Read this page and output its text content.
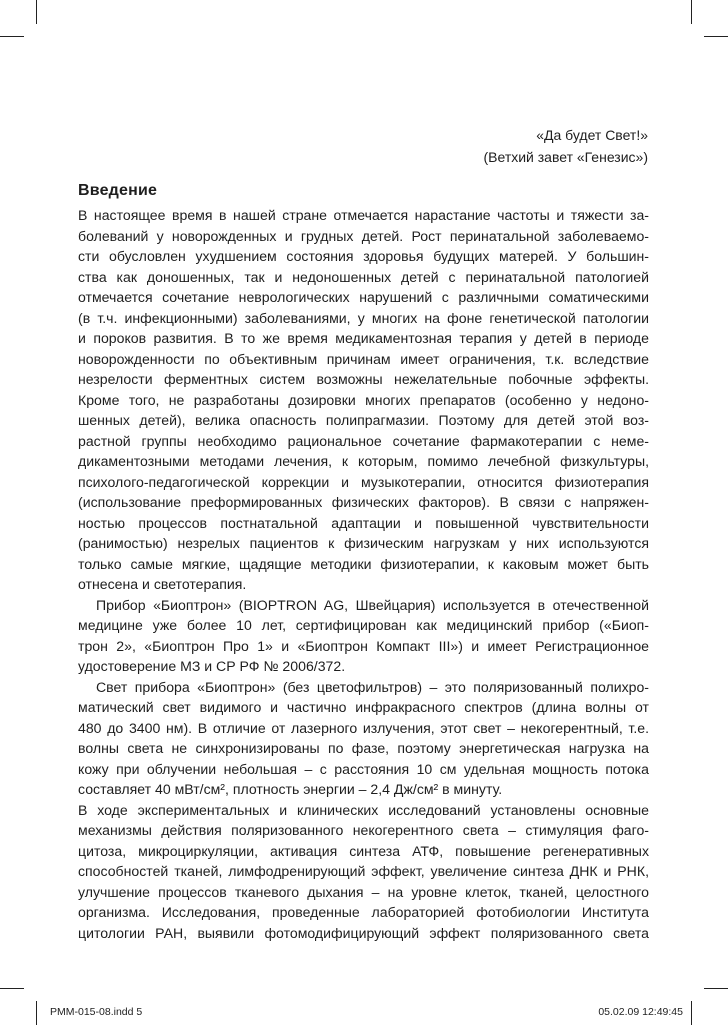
«Да будет Свет!»
(Ветхий завет «Генезис»)
Введение

В настоящее время в нашей стране отмечается нарастание частоты и тяжести за-
болеваний у новорожденных и грудных детей. Рост перинатальной заболеваемо-
сти обусловлен ухудшением состояния здоровья будущих матерей. У большин-
ства как доношенных, так и недоношенных детей с перинатальной патологией
отмечается сочетание неврологических нарушений с различными соматическими
(в т.ч. инфекционными) заболеваниями, у многих на фоне генетической патологии
и пороков развития. В то же время медикаментозная терапия у детей в периоде
новорожденности по объективным причинам имеет ограничения, т.к. вследствие
незрелости ферментных систем возможны нежелательные побочные эффекты.
Кроме того, не разработаны дозировки многих препаратов (особенно у недоно-
шенных детей), велика опасность полипрагмазии. Поэтому для детей этой воз-
растной группы необходимо рациональное сочетание фармакотерапии с неме-
дикаментозными методами лечения, к которым, помимо лечебной физкультуры,
психолого-педагогической коррекции и музыкотерапии, относится физиотерапия
(использование преформированных физических факторов). В связи с напряжен-
ностью процессов постнатальной адаптации и повышенной чувствительности
(ранимостью) незрелых пациентов к физическим нагрузкам у них используются
только самые мягкие, щадящие методики физиотерапии, к каковым может быть
отнесена и светотерапия.

Прибор «Биоптрон» (BIOPTRON AG, Швейцария) используется в отечественной
медицине уже более 10 лет, сертифицирован как медицинский прибор («Биоп-
трон 2», «Биоптрон Про 1» и «Биоптрон Компакт III») и имеет Регистрационное
удостоверение МЗ и СР РФ № 2006/372.

Свет прибора «Биоптрон» (без цветофильтров) – это поляризованный полихро-
матический свет видимого и частично инфракрасного спектров (длина волны от
480 до 3400 нм). В отличие от лазерного излучения, этот свет – некогерентный, т.е.
волны света не синхронизированы по фазе, поэтому энергетическая нагрузка на
кожу при облучении небольшая – с расстояния 10 см удельная мощность потока
составляет 40 мВт/см², плотность энергии – 2,4 Дж/см² в минуту.

В ходе экспериментальных и клинических исследований установлены основные
механизмы действия поляризованного некогерентного света – стимуляция фаго-
цитоза, микроциркуляции, активация синтеза АТФ, повышение регенеративных
способностей тканей, лимфодренирующий эффект, увеличение синтеза ДНК и РНК,
улучшение процессов тканевого дыхания – на уровне клеток, тканей, целостного
организма. Исследования, проведенные лабораторией фотобиологии Института
цитологии РАН, выявили фотомодифицирующий эффект поляризованного света

PMM-015-08.indd 5	05.02.09 12:49:45
